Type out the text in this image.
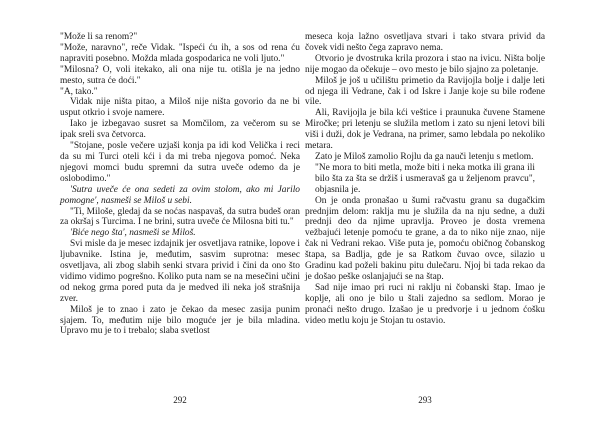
"Može li sa renom?"

"Može, naravno", reče Vidak. "Ispeći ću ih, a sos od rena ću napraviti posebno. Možda mlada gospodarica ne voli ljuto."

"Milosna? O, voli itekako, ali ona nije tu. otišla je na jedno mesto, sutra će doći."

"A, tako."

Vidak nije ništa pitao, a Miloš nije ništa govorio da ne bi usput otkrio i svoje namere.

Iako je izbegavao susret sa Momčilom, za večerom su se ipak sreli sva četvorca.

"Stojane, posle večere uzjaši konja pa idi kod Velička i reci da su mi Turci oteli kći i da mi treba njegova pomoć. Neka njegovi momci budu spremni da sutra uveče odemo da je oslobodimo."

'Sutra uveče će ona sedeti za ovim stolom, ako mi Jarilo pomogne', nasmeši se Miloš u sebi.

"Ti, Miloše, gledaj da se noćas naspavaš, da sutra budeš oran za okršaj s Turcima. I ne brini, sutra uveče će Milosna biti tu."

'Biće nego šta', nasmeši se Miloš.

Svi misle da je mesec izdajnik jer osvetljava ratnike, lopove i ljubavnike. Istina je, međutim, sasvim suprotna: mesec osvetljava, ali zbog slabih senki stvara privid i čini da ono što vidimo vidimo pogrešno. Koliko puta nam se na mesečini učini od nekog grma pored puta da je medved ili neka još strašnija zver.

Miloš je to znao i zato je čekao da mesec zasija punim sjajem. To, međutim nije bilo moguće jer je bila mladina. Upravo mu je to i trebalo; slaba svetlost

292

meseca koja lažno osvetljava stvari i tako stvara privid da čovek vidi nešto čega zapravo nema.

Otvorio je dvostruka krila prozora i stao na ivicu. Ništa bolje nije mogao da očekuje – ovo mesto je bilo sjajno za poletanje.

Miloš je još u učilištu primetio da Ravijojla bolje i dalje leti od njega ili Vedrane, čak i od Iskre i Janje koje su bile rođene vile.

Ali, Ravijojla je bila kći veštice i praunuka čuvene Stamene Miročke; pri letenju se služila metlom i zato su njeni letovi bili viši i duži, dok je Vedrana, na primer, samo lebdala po nekoliko metara.

Zato je Miloš zamolio Rojlu da ga nauči letenju s metlom.

"Ne mora to biti metla, može biti i neka motka ili grana ili bilo šta za šta se držiš i usmeravaš ga u željenom pravcu", objasnila je.

On je onda pronašao u šumi račvastu granu sa dugačkim prednjim delom: raklja mu je služila da na nju sedne, a duži prednji deo da njime upravlja. Proveo je dosta vremena vežbajući letenje pomoću te grane, a da to niko nije znao, nije čak ni Vedrani rekao. Više puta je, pomoću običnog čobanskog štapa, sa Badlja, gde je sa Ratkom čuvao ovce, silazio u Gradinu kad poželi bakinu pitu dulečaru. Njoj bi tada rekao da je došao peške oslanjajući se na štap.

Sad nije imao pri ruci ni raklju ni čobanski štap. Imao je koplje, ali ono je bilo u štali zajedno sa sedlom. Morao je pronaći nešto drugo. Izašao je u predvorje i u jednom ćošku video metlu koju je Stojan tu ostavio.

293
